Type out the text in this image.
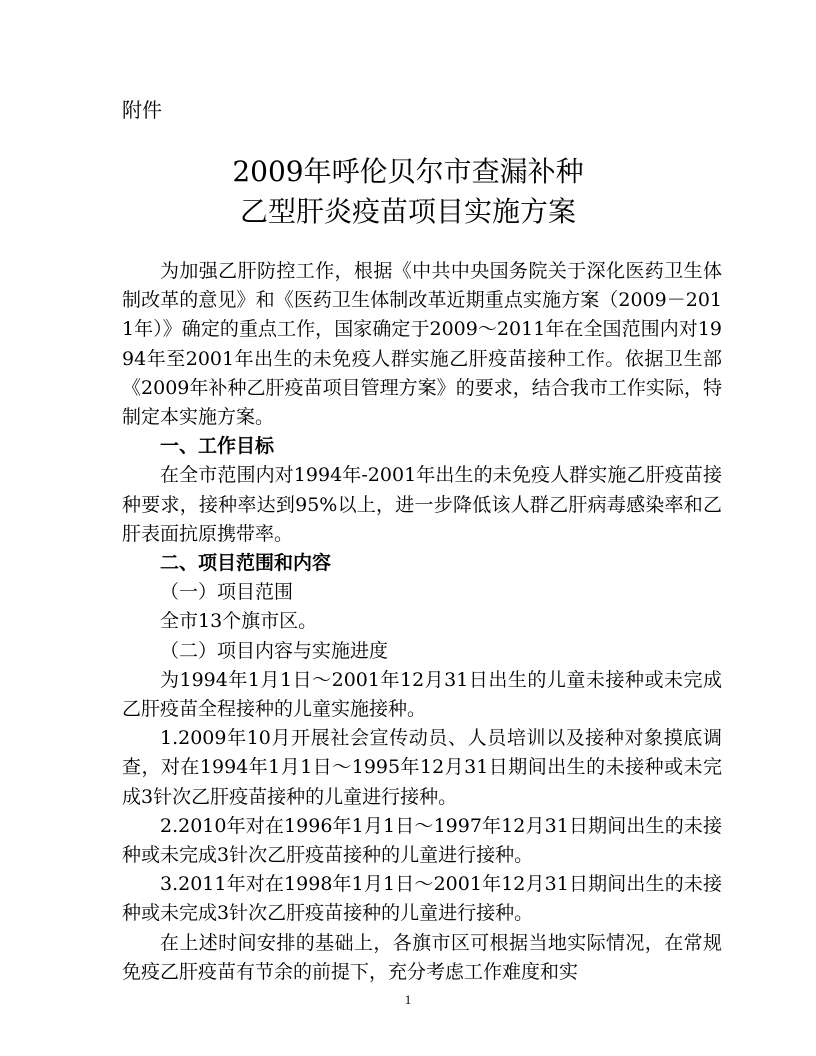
附件
2009年呼伦贝尔市查漏补种
乙型肝炎疫苗项目实施方案

为加强乙肝防控工作，根据《中共中央国务院关于深化医药卫生体制改革的意见》和《医药卫生体制改革近期重点实施方案（2009－2011年）》确定的重点工作，国家确定于2009～2011年在全国范围内对1994年至2001年出生的未免疫人群实施乙肝疫苗接种工作。依据卫生部《2009年补种乙肝疫苗项目管理方案》的要求，结合我市工作实际，特制定本实施方案。

一、工作目标

在全市范围内对1994年-2001年出生的未免疫人群实施乙肝疫苗接种要求，接种率达到95%以上，进一步降低该人群乙肝病毒感染率和乙肝表面抗原携带率。

二、项目范围和内容

（一）项目范围

全市13个旗市区。

（二）项目内容与实施进度

为1994年1月1日～2001年12月31日出生的儿童未接种或未完成乙肝疫苗全程接种的儿童实施接种。

1.2009年10月开展社会宣传动员、人员培训以及接种对象摸底调查，对在1994年1月1日～1995年12月31日期间出生的未接种或未完成3针次乙肝疫苗接种的儿童进行接种。

2.2010年对在1996年1月1日～1997年12月31日期间出生的未接种或未完成3针次乙肝疫苗接种的儿童进行接种。

3.2011年对在1998年1月1日～2001年12月31日期间出生的未接种或未完成3针次乙肝疫苗接种的儿童进行接种。

在上述时间安排的基础上，各旗市区可根据当地实际情况，在常规免疫乙肝疫苗有节余的前提下，充分考虑工作难度和实

1
